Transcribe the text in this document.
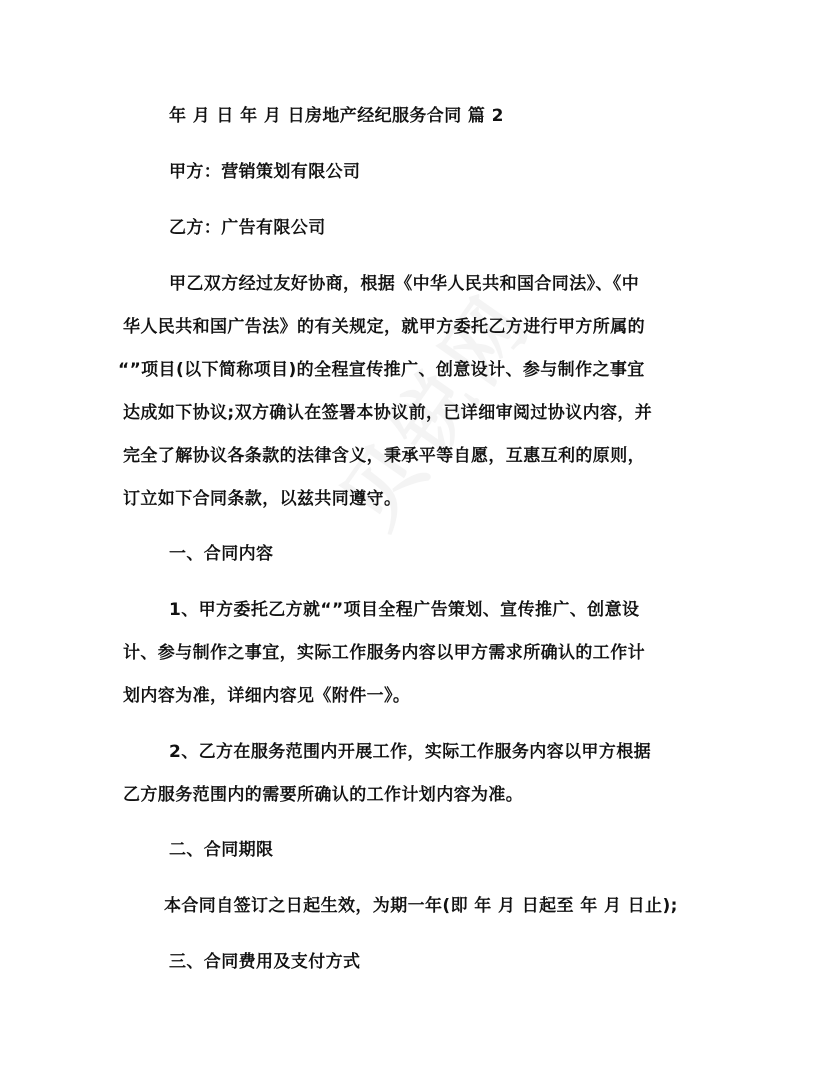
年 月 日 年 月 日房地产经纪服务合同 篇 2
甲方：营销策划有限公司
乙方：广告有限公司
甲乙双方经过友好协商，根据《中华人民共和国合同法》、《中
华人民共和国广告法》的有关规定，就甲方委托乙方进行甲方所属的
“”项目(以下简称项目)的全程宣传推广、创意设计、参与制作之事宜
达成如下协议;双方确认在签署本协议前，已详细审阅过协议内容，并
完全了解协议各条款的法律含义，秉承平等自愿，互惠互利的原则，
订立如下合同条款，以兹共同遵守。
一、合同内容
1、甲方委托乙方就“”项目全程广告策划、宣传推广、创意设
计、参与制作之事宜，实际工作服务内容以甲方需求所确认的工作计
划内容为准，详细内容见《附件一》。
2、乙方在服务范围内开展工作，实际工作服务内容以甲方根据
乙方服务范围内的需要所确认的工作计划内容为准。
二、合同期限
本合同自签订之日起生效，为期一年(即 年 月 日起至 年 月 日止);
三、合同费用及支付方式
